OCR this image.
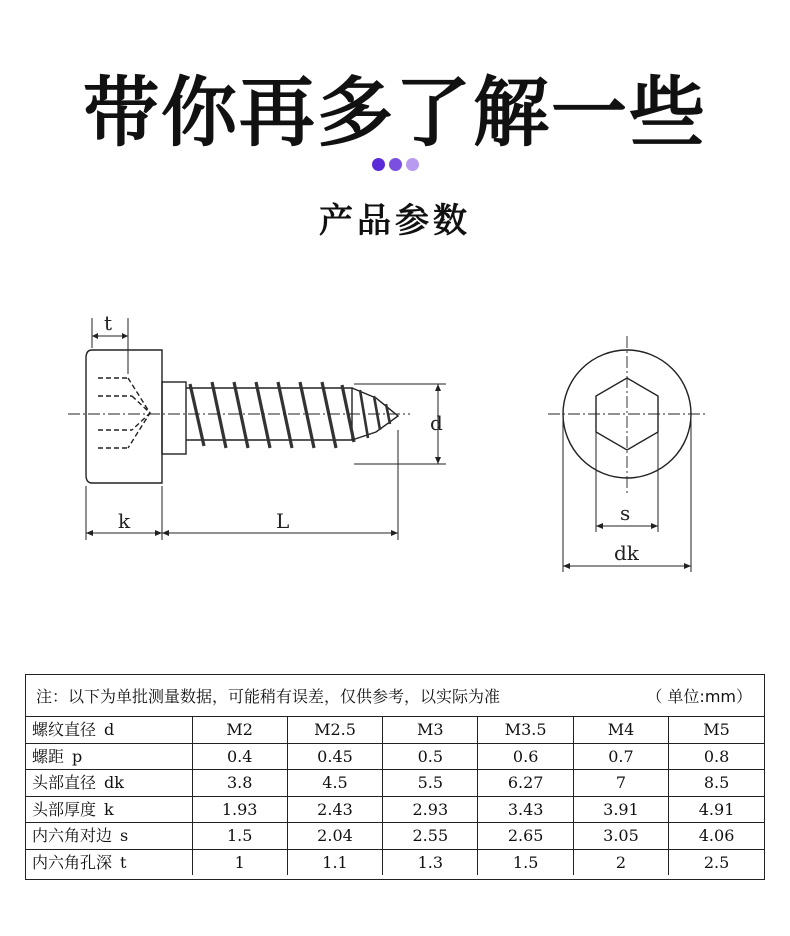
带你再多了解一些
产品参数
t
k	L
d
s
dk
注：以下为单批测量数据，可能稍有误差，仅供参考，以实际为准	（ 单位:mm）
螺纹直径 d	M2	M2.5	M3	M3.5	M4	M5
螺距 p	0.4	0.45	0.5	0.6	0.7	0.8
头部直径 dk	3.8	4.5	5.5	6.27	7	8.5
头部厚度 k	1.93	2.43	2.93	3.43	3.91	4.91
内六角对边 s	1.5	2.04	2.55	2.65	3.05	4.06
内六角孔深 t	1	1.1	1.3	1.5	2	2.5
